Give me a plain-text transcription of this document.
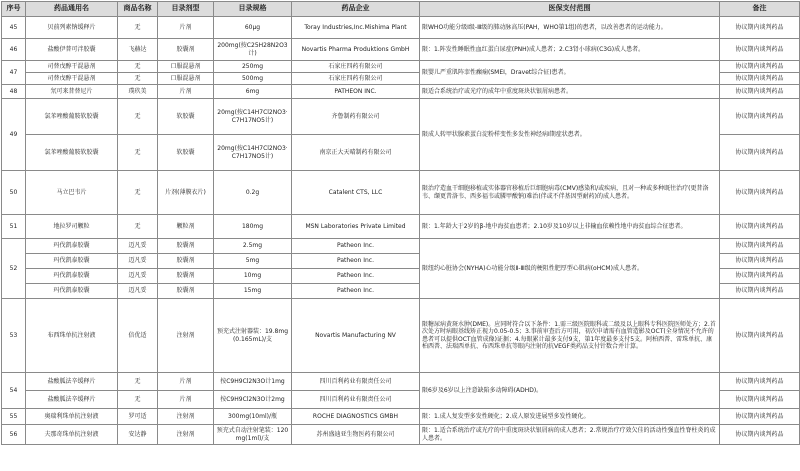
序号	药品通用名	商品名称	目录剂型	目录规格	药品企业	医保支付范围	备注
45	贝前列素钠缓释片	无	片剂	60μg	Toray Industries,Inc.Mishima Plant	限WHO功能分级Ⅰ级-Ⅲ级的肺动脉高压(PAH，WHO第1组)的患者，以改善患者的运动能力。	协议期内谈判药品
46	盐酸伊普可泮胶囊	飞赫达	胶囊剂	200mg(按C25H28N2O3计)	Novartis Pharma Produktions GmbH	限：1.阵发性睡眠性血红蛋白尿症(PNH)成人患者；2.C3肾小球病(C3G)成人患者。	协议期内谈判药品
47	司替戊醇干混悬剂	无	口服混悬剂	250mg	石家庄四药有限公司	限婴儿严重肌阵挛性癫痫(SMEI，Dravet综合征)患者。	协议期内谈判药品
	司替戊醇干混悬剂	无	口服混悬剂	500mg	石家庄四药有限公司		协议期内谈判药品
48	氘可来昔替尼片	璞玖美	片剂	6mg	PATHEON INC.	限适合系统治疗或光疗的成年中重度斑块状银屑病患者。	协议期内谈判药品
49	氯苯唑酸葡胺软胶囊	无	软胶囊	20mg(按C14H7Cl2NO3·C7H17NO5计)	齐鲁制药有限公司	限成人转甲状腺素蛋白淀粉样变性多发性神经病Ⅰ期症状患者。	协议期内谈判药品
	氯苯唑酸葡胺软胶囊	无	软胶囊	20mg(按C14H7Cl2NO3·C7H17NO5计)	南京正大天晴制药有限公司		协议期内谈判药品
50	马立巴韦片	无	片剂(薄膜衣片)	0.2g	Catalent CTS, LLC	限治疗造血干细胞移植或实体器官移植后巨细胞病毒(CMV)感染和/或疾病，且对一种或多种既往治疗(更昔洛韦、缬更昔洛韦、西多福韦或膦甲酸钠)难治(伴或不伴基因型耐药)的成人患者。	协议期内谈判药品
51	地拉罗司颗粒	无	颗粒剂	180mg	MSN Laboratories Private Limited	限：1.年龄大于2岁的β-地中海贫血患者；2.10岁及10岁以上非输血依赖性地中海贫血综合征患者。	协议期内谈判药品
52	玛伐凯泰胶囊	迈凡妥	胶囊剂	2.5mg	Patheon Inc.	限纽约心脏协会(NYHA)心功能分级Ⅱ-Ⅲ级的梗阻性肥厚型心肌病(oHCM)成人患者。	协议期内谈判药品
	玛伐凯泰胶囊	迈凡妥	胶囊剂	5mg	Patheon Inc.		协议期内谈判药品
	玛伐凯泰胶囊	迈凡妥	胶囊剂	10mg	Patheon Inc.		协议期内谈判药品
	玛伐凯泰胶囊	迈凡妥	胶囊剂	15mg	Patheon Inc.		协议期内谈判药品
53	布西珠单抗注射液	倍优适	注射剂	预充式注射器装：19.8mg(0.165mL)/支	Novartis Manufacturing NV	限糖尿病黄斑水肿(DME)。应同时符合以下条件：1.需三级医院眼科或二级及以上眼科专科医院医师处方；2.首次处方时病眼基线矫正视力0.05-0.5；3.事前审查后方可用，初次申请需有血管造影及OCT(全身情况不允许的患者可以提供OCT血管成像)证据；4.每眼累计最多支付9支，第1年度最多支付5支。阿柏西普、雷珠单抗、康柏西普、法瑞西单抗、布西珠单抗等眼内注射的抗VEGF类药品支付针数合并计算。	协议期内谈判药品
54	盐酸胍法辛缓释片	无	片剂	按C9H9Cl2N3O计1mg	四川百利药业有限责任公司	限6岁及6岁以上注意缺陷多动障碍(ADHD)。	协议期内谈判药品
	盐酸胍法辛缓释片	无	片剂	按C9H9Cl2N3O计2mg	四川百利药业有限责任公司		协议期内谈判药品
55	奥瑞利珠单抗注射液	罗可适	注射剂	300mg(10ml)/瓶	ROCHE DIAGNOSTICS GMBH	限：1.成人复发型多发性硬化；2.成人原发进展型多发性硬化。	协议期内谈判药品
56	夫那奇珠单抗注射液	安达静	注射剂	预充式自动注射笔装：120mg(1ml)/支	苏州盛迪亚生物医药有限公司	限：1.适合系统治疗或光疗的中重度斑块状银屑病的成人患者；2.常规治疗疗效欠佳的活动性强直性脊柱炎的成人患者。	协议期内谈判药品
